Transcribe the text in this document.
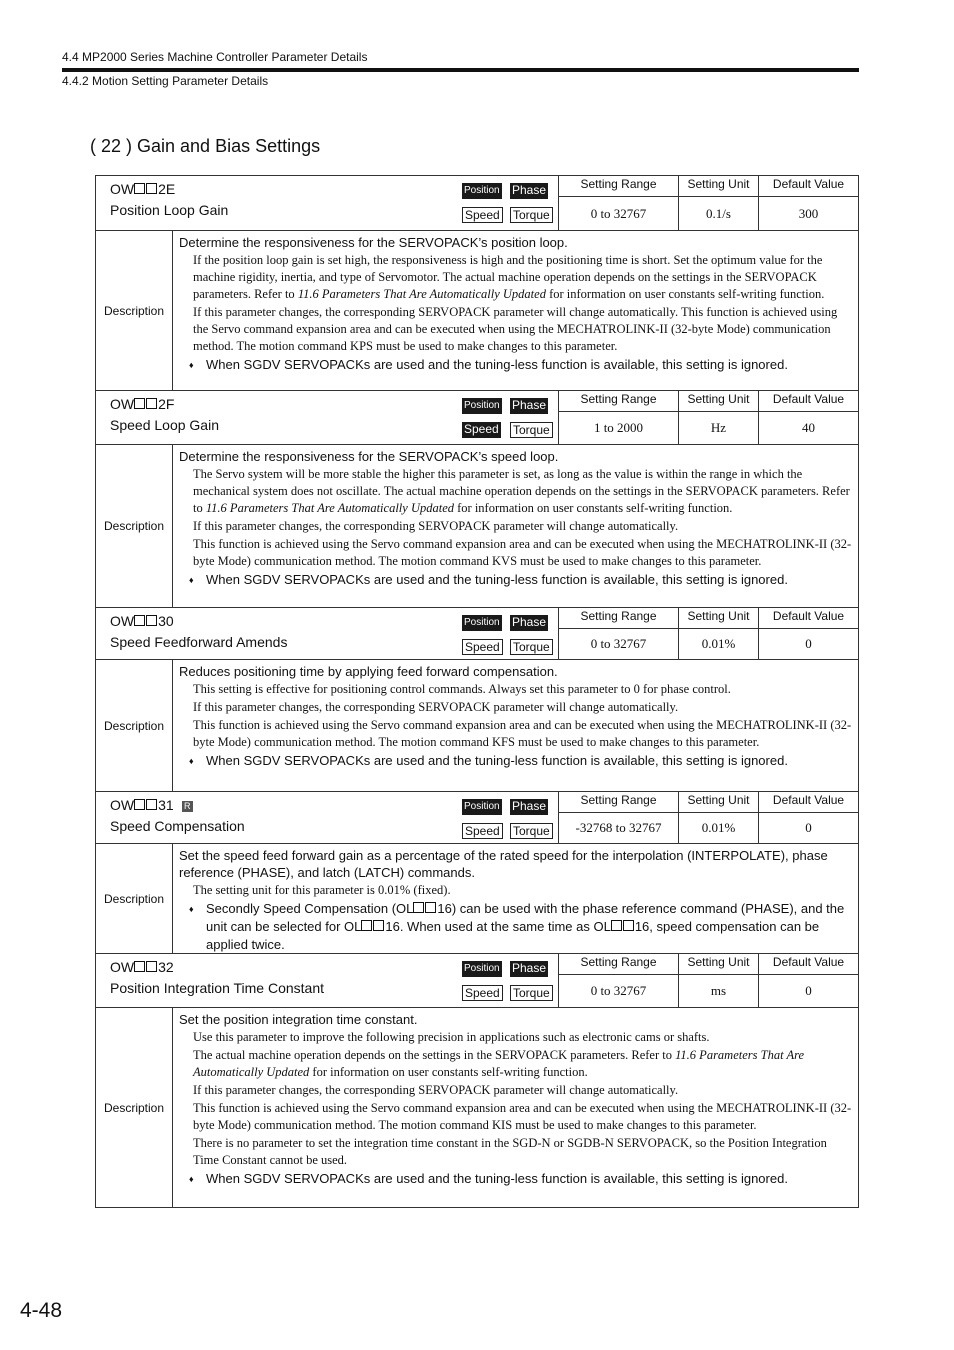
4.4 MP2000 Series Machine Controller Parameter Details
4.4.2 Motion Setting Parameter Details
( 22 ) Gain and Bias Settings
OW 2E
Position Loop Gain
Position Phase
Speed Torque
Setting Range	Setting Unit	Default Value
0 to 32767	0.1/s	300
Description
Determine the responsiveness for the SERVOPACK’s position loop.
If the position loop gain is set high, the responsiveness is high and the positioning time is short. Set the optimum value for the machine rigidity, inertia, and type of Servomotor. The actual machine operation depends on the settings in the SERVOPACK parameters. Refer to 11.6 Parameters That Are Automatically Updated for information on user constants self-writing function.
If this parameter changes, the corresponding SERVOPACK parameter will change automatically. This function is achieved using the Servo command expansion area and can be executed when using the MECHATROLINK-II (32-byte Mode) communication method. The motion command KPS must be used to make changes to this parameter.
♦ When SGDV SERVOPACKs are used and the tuning-less function is available, this setting is ignored.
OW 2F
Speed Loop Gain
Position Phase
Speed Torque
Setting Range	Setting Unit	Default Value
1 to 2000	Hz	40
Description
Determine the responsiveness for the SERVOPACK’s speed loop.
The Servo system will be more stable the higher this parameter is set, as long as the value is within the range in which the mechanical system does not oscillate. The actual machine operation depends on the settings in the SERVOPACK parameters. Refer to 11.6 Parameters That Are Automatically Updated for information on user constants self-writing function.
If this parameter changes, the corresponding SERVOPACK parameter will change automatically.
This function is achieved using the Servo command expansion area and can be executed when using the MECHATROLINK-II (32-byte Mode) communication method. The motion command KVS must be used to make changes to this parameter.
♦ When SGDV SERVOPACKs are used and the tuning-less function is available, this setting is ignored.
OW 30
Speed Feedforward Amends
Position Phase
Speed Torque
Setting Range	Setting Unit	Default Value
0 to 32767	0.01%	0
Description
Reduces positioning time by applying feed forward compensation.
This setting is effective for positioning control commands. Always set this parameter to 0 for phase control.
If this parameter changes, the corresponding SERVOPACK parameter will change automatically.
This function is achieved using the Servo command expansion area and can be executed when using the MECHATROLINK-II (32-byte Mode) communication method. The motion command KFS must be used to make changes to this parameter.
♦ When SGDV SERVOPACKs are used and the tuning-less function is available, this setting is ignored.
OW 31 R
Speed Compensation
Position Phase
Speed Torque
Setting Range	Setting Unit	Default Value
-32768 to 32767	0.01%	0
Description
Set the speed feed forward gain as a percentage of the rated speed for the interpolation (INTERPOLATE), phase reference (PHASE), and latch (LATCH) commands.
The setting unit for this parameter is 0.01% (fixed).
♦ Secondly Speed Compensation (OL 16) can be used with the phase reference command (PHASE), and the unit can be selected for OL 16. When used at the same time as OL 16, speed compensation can be applied twice.
OW 32
Position Integration Time Constant
Position Phase
Speed Torque
Setting Range	Setting Unit	Default Value
0 to 32767	ms	0
Description
Set the position integration time constant.
Use this parameter to improve the following precision in applications such as electronic cams or shafts.
The actual machine operation depends on the settings in the SERVOPACK parameters. Refer to 11.6 Parameters That Are Automatically Updated for information on user constants self-writing function.
If this parameter changes, the corresponding SERVOPACK parameter will change automatically.
This function is achieved using the Servo command expansion area and can be executed when using the MECHATROLINK-II (32-byte Mode) communication method. The motion command KIS must be used to make changes to this parameter.
There is no parameter to set the integration time constant in the SGD-N or SGDB-N SERVOPACK, so the Position Integration Time Constant cannot be used.
♦ When SGDV SERVOPACKs are used and the tuning-less function is available, this setting is ignored.
4-48
